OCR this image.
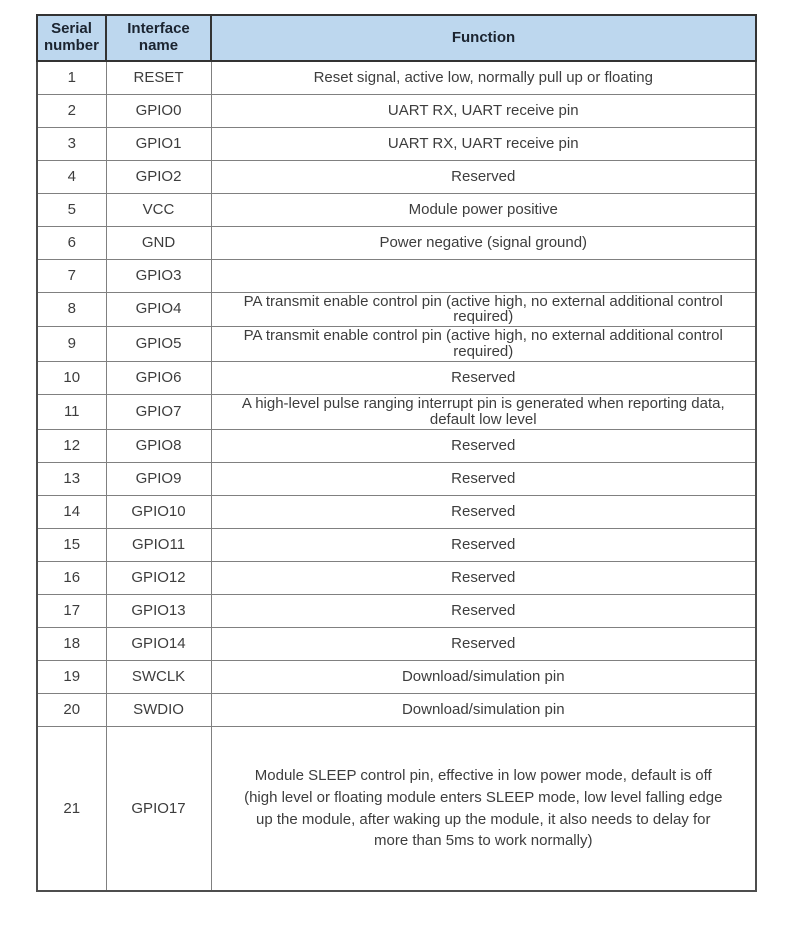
Serial number	Interface name	Function
1	RESET	Reset signal, active low, normally pull up or floating
2	GPIO0	UART RX, UART receive pin
3	GPIO1	UART RX, UART receive pin
4	GPIO2	Reserved
5	VCC	Module power positive
6	GND	Power negative (signal ground)
7	GPIO3	
8	GPIO4	PA transmit enable control pin (active high, no external additional control required)
9	GPIO5	PA transmit enable control pin (active high, no external additional control required)
10	GPIO6	Reserved
11	GPIO7	A high-level pulse ranging interrupt pin is generated when reporting data, default low level
12	GPIO8	Reserved
13	GPIO9	Reserved
14	GPIO10	Reserved
15	GPIO11	Reserved
16	GPIO12	Reserved
17	GPIO13	Reserved
18	GPIO14	Reserved
19	SWCLK	Download/simulation pin
20	SWDIO	Download/simulation pin
21	GPIO17	Module SLEEP control pin, effective in low power mode, default is off (high level or floating module enters SLEEP mode, low level falling edge up the module, after waking up the module, it also needs to delay for more than 5ms to work normally)
